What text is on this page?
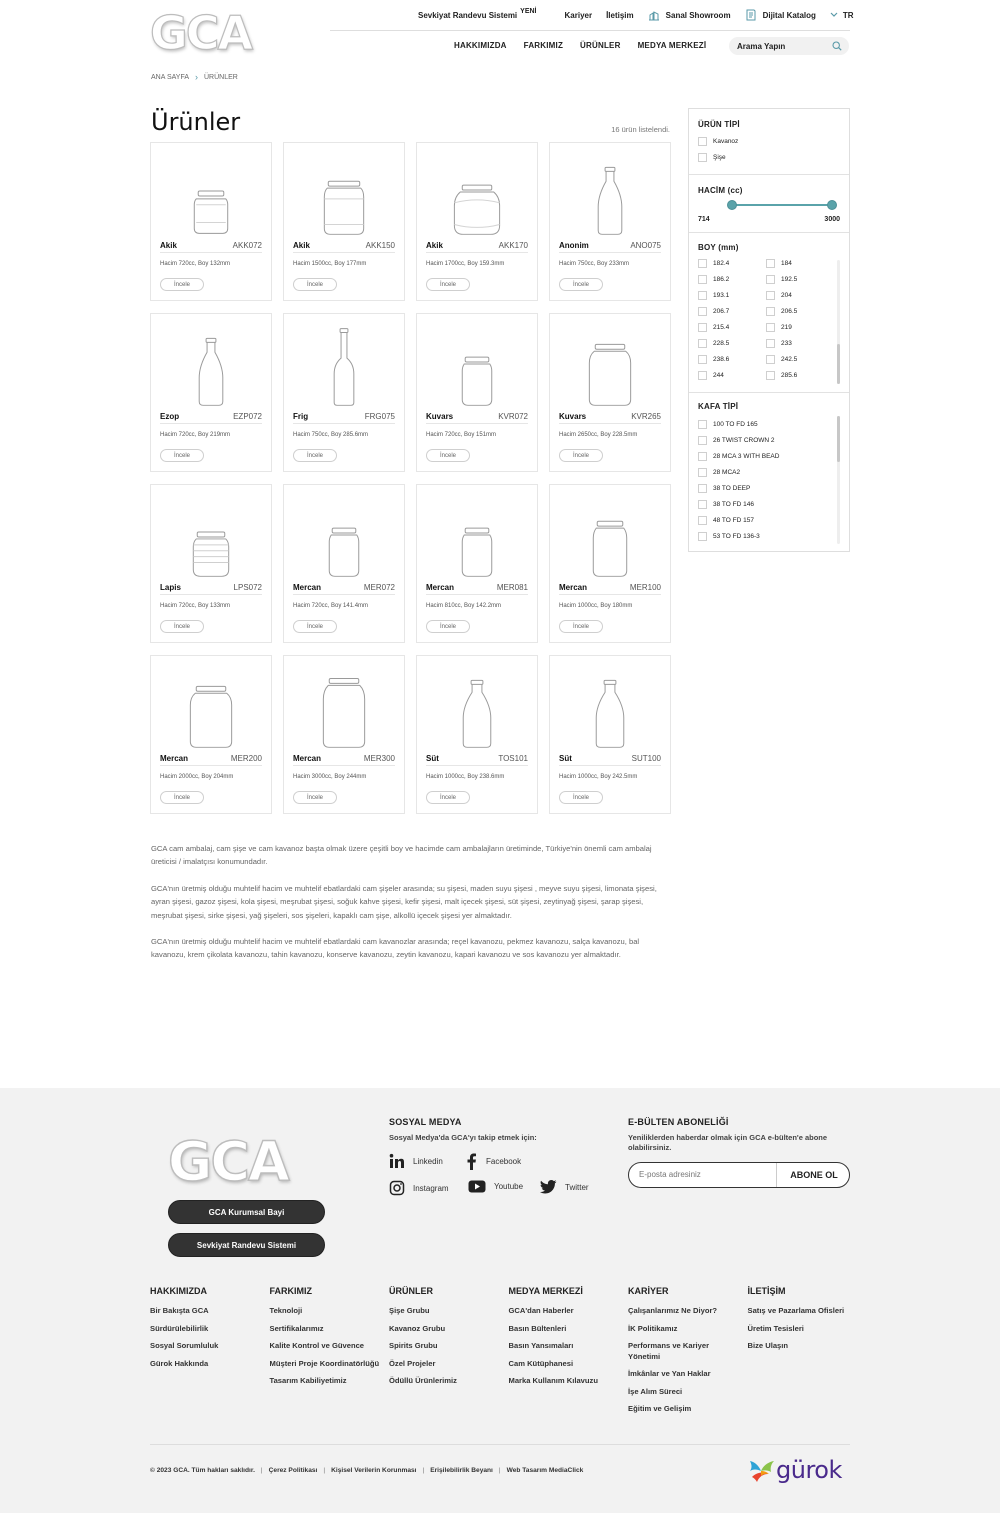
GCA	Sevkiyat Randevu Sistemi YENİ	Kariyer İletişim	Sanal Showroom	Dijital Katalog	TR
HAKKIMIZDA FARKIMIZ ÜRÜNLER MEDYA MERKEZİ
Arama Yapın
ANA SAYFA › ÜRÜNLER
Ürünler	16 ürün listelendi.
Akik	AKK072
Hacim 720cc, Boy 132mm
İncele
Akik	AKK150
Hacim 1500cc, Boy 177mm
İncele
Akik	AKK170
Hacim 1700cc, Boy 159.3mm
İncele
Anonim	ANO075
Hacim 750cc, Boy 233mm
İncele
Ezop	EZP072
Hacim 720cc, Boy 219mm
İncele
Frig	FRG075
Hacim 750cc, Boy 285.6mm
İncele
Kuvars	KVR072
Hacim 720cc, Boy 151mm
İncele
Kuvars	KVR265
Hacim 2650cc, Boy 228.5mm
İncele
Lapis	LPS072
Hacim 720cc, Boy 133mm
İncele
Mercan	MER072
Hacim 720cc, Boy 141.4mm
İncele
Mercan	MER081
Hacim 810cc, Boy 142.2mm
İncele
Mercan	MER100
Hacim 1000cc, Boy 180mm
İncele
Mercan	MER200
Hacim 2000cc, Boy 204mm
İncele
Mercan	MER300
Hacim 3000cc, Boy 244mm
İncele
Süt	TOS101
Hacim 1000cc, Boy 238.6mm
İncele
Süt	SUT100
Hacim 1000cc, Boy 242.5mm
İncele
ÜRÜN TİPİ
Kavanoz
Şişe
HACİM (cc)
714	3000
BOY (mm)
182.4	184
186.2	192.5
193.1	204
206.7	206.5
215.4	219
228.5	233
238.6	242.5
244	285.6
KAFA TİPİ
100 TO FD 165
26 TWIST CROWN 2
28 MCA 3 WITH BEAD
28 MCA2
38 TO DEEP
38 TO FD 146
48 TO FD 157
53 TO FD 136-3

GCA cam ambalaj, cam şişe ve cam kavanoz başta olmak üzere çeşitli boy ve hacimde cam ambalajların üretiminde, Türkiye'nin önemli cam ambalaj üreticisi / imalatçısı konumundadır.

GCA'nın üretmiş olduğu muhtelif hacim ve muhtelif ebatlardaki cam şişeler arasında; su şişesi, maden suyu şişesi , meyve suyu şişesi, limonata şişesi, ayran şişesi, gazoz şişesi, kola şişesi, meşrubat şişesi, soğuk kahve şişesi, kefir şişesi, malt içecek şişesi, süt şişesi, zeytinyağ şişesi, şarap şişesi, meşrubat şişesi, sirke şişesi, yağ şişeleri, sos şişeleri, kapaklı cam şişe, alkollü içecek şişesi yer almaktadır.

GCA'nın üretmiş olduğu muhtelif hacim ve muhtelif ebatlardaki cam kavanozlar arasında; reçel kavanozu, pekmez kavanozu, salça kavanozu, bal kavanozu, krem çikolata kavanozu, tahin kavanozu, konserve kavanozu, zeytin kavanozu, kapari kavanozu ve sos kavanozu yer almaktadır.

GCA
GCA Kurumsal Bayi
Sevkiyat Randevu Sistemi
SOSYAL MEDYA
Sosyal Medya'da GCA'yı takip etmek için:
Linkedin	Facebook
Instagram	Youtube	Twitter
E-BÜLTEN ABONELİĞİ
Yeniliklerden haberdar olmak için GCA e-bülten'e abone olabilirsiniz.
E-posta adresiniz
ABONE OL
HAKKIMIZDA
Bir Bakışta GCA
Sürdürülebilirlik
Sosyal Sorumluluk
Gürok Hakkında
FARKIMIZ
Teknoloji
Sertifikalarımız
Kalite Kontrol ve Güvence
Müşteri Proje Koordinatörlüğü
Tasarım Kabiliyetimiz
ÜRÜNLER
Şişe Grubu
Kavanoz Grubu
Spirits Grubu
Özel Projeler
Ödüllü Ürünlerimiz
MEDYA MERKEZİ
GCA'dan Haberler
Basın Bültenleri
Basın Yansımaları
Cam Kütüphanesi
Marka Kullanım Kılavuzu
KARİYER
Çalışanlarımız Ne Diyor?
İK Politikamız
Performans ve Kariyer Yönetimi
İmkânlar ve Yan Haklar
İşe Alım Süreci
Eğitim ve Gelişim
İLETİŞİM
Satış ve Pazarlama Ofisleri
Üretim Tesisleri
Bize Ulaşın
© 2023 GCA. Tüm hakları saklıdır. | Çerez Politikası | Kişisel Verilerin Korunması | Erişilebilirlik Beyanı | Web Tasarım MediaClick	gürok
